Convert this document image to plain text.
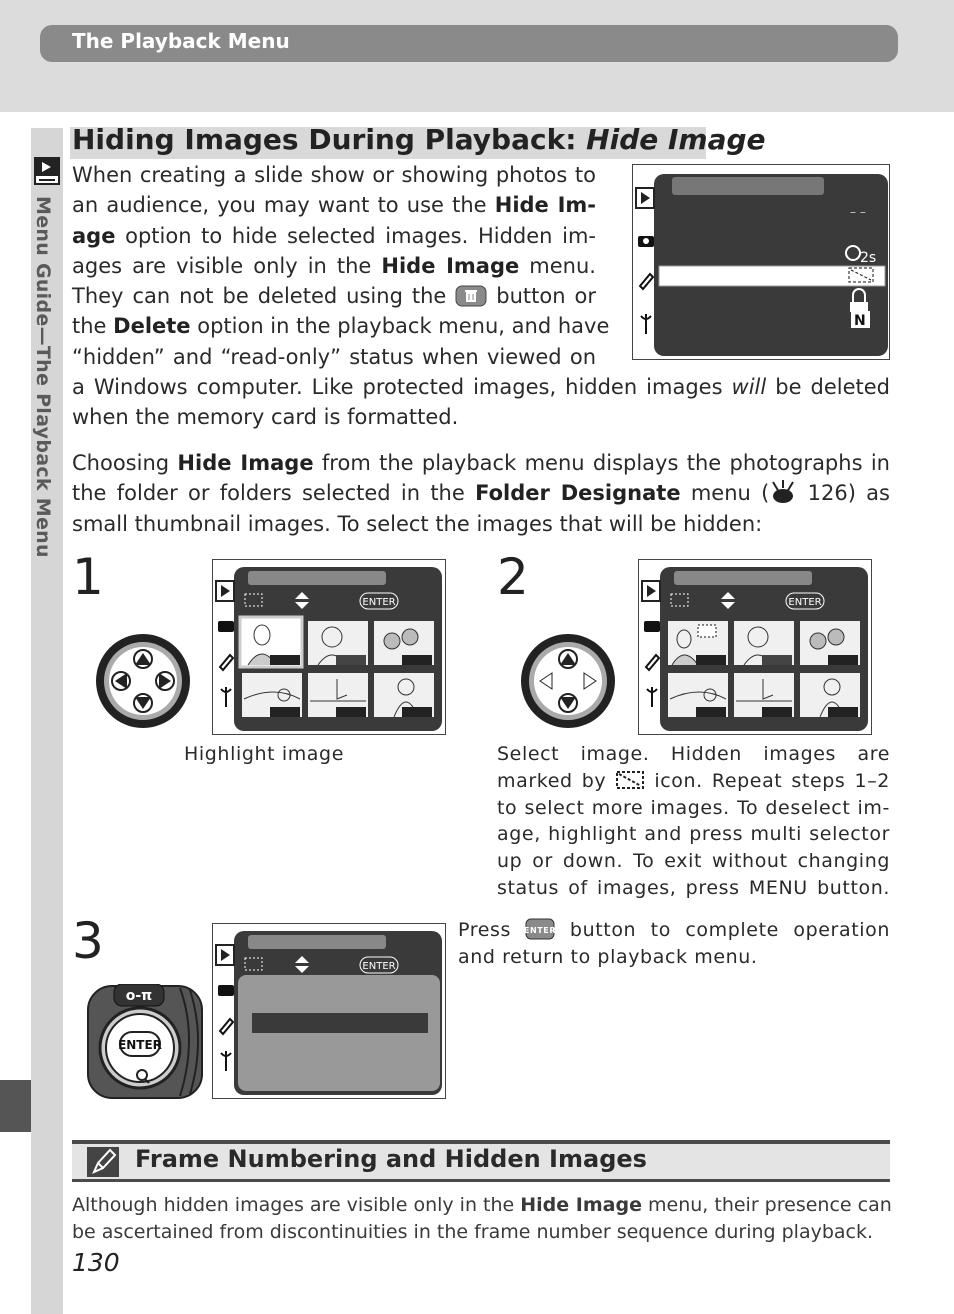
The Playback Menu
Menu Guide—The Playback Menu
Hiding Images During Playback: Hide Image
When creating a slide show or showing photos to
an audience, you may want to use the Hide Im-
age option to hide selected images. Hidden im-
ages are visible only in the Hide Image menu.
They can not be deleted using the  button or
the Delete option in the playback menu, and have
“hidden” and “read-only” status when viewed on
a Windows computer. Like protected images, hidden images will be deleted
when the memory card is formatted.
– –
2s
N
Choosing Hide Image from the playback menu displays the photographs in
the folder or folders selected in the Folder Designate menu ( 126) as
small thumbnail images. To select the images that will be hidden:
1	ENTER
Highlight image
2	ENTER
Select image. Hidden images are
marked by  icon. Repeat steps 1–2
to select more images. To deselect im-
age, highlight and press multi selector
up or down. To exit without changing
status of images, press MENU button.
3
o-π
ENTER
ENTER
Press
ENTER
button to complete operation
and return to playback menu.
Frame Numbering and Hidden Images
Although hidden images are visible only in the Hide Image menu, their presence can
be ascertained from discontinuities in the frame number sequence during playback.
130
